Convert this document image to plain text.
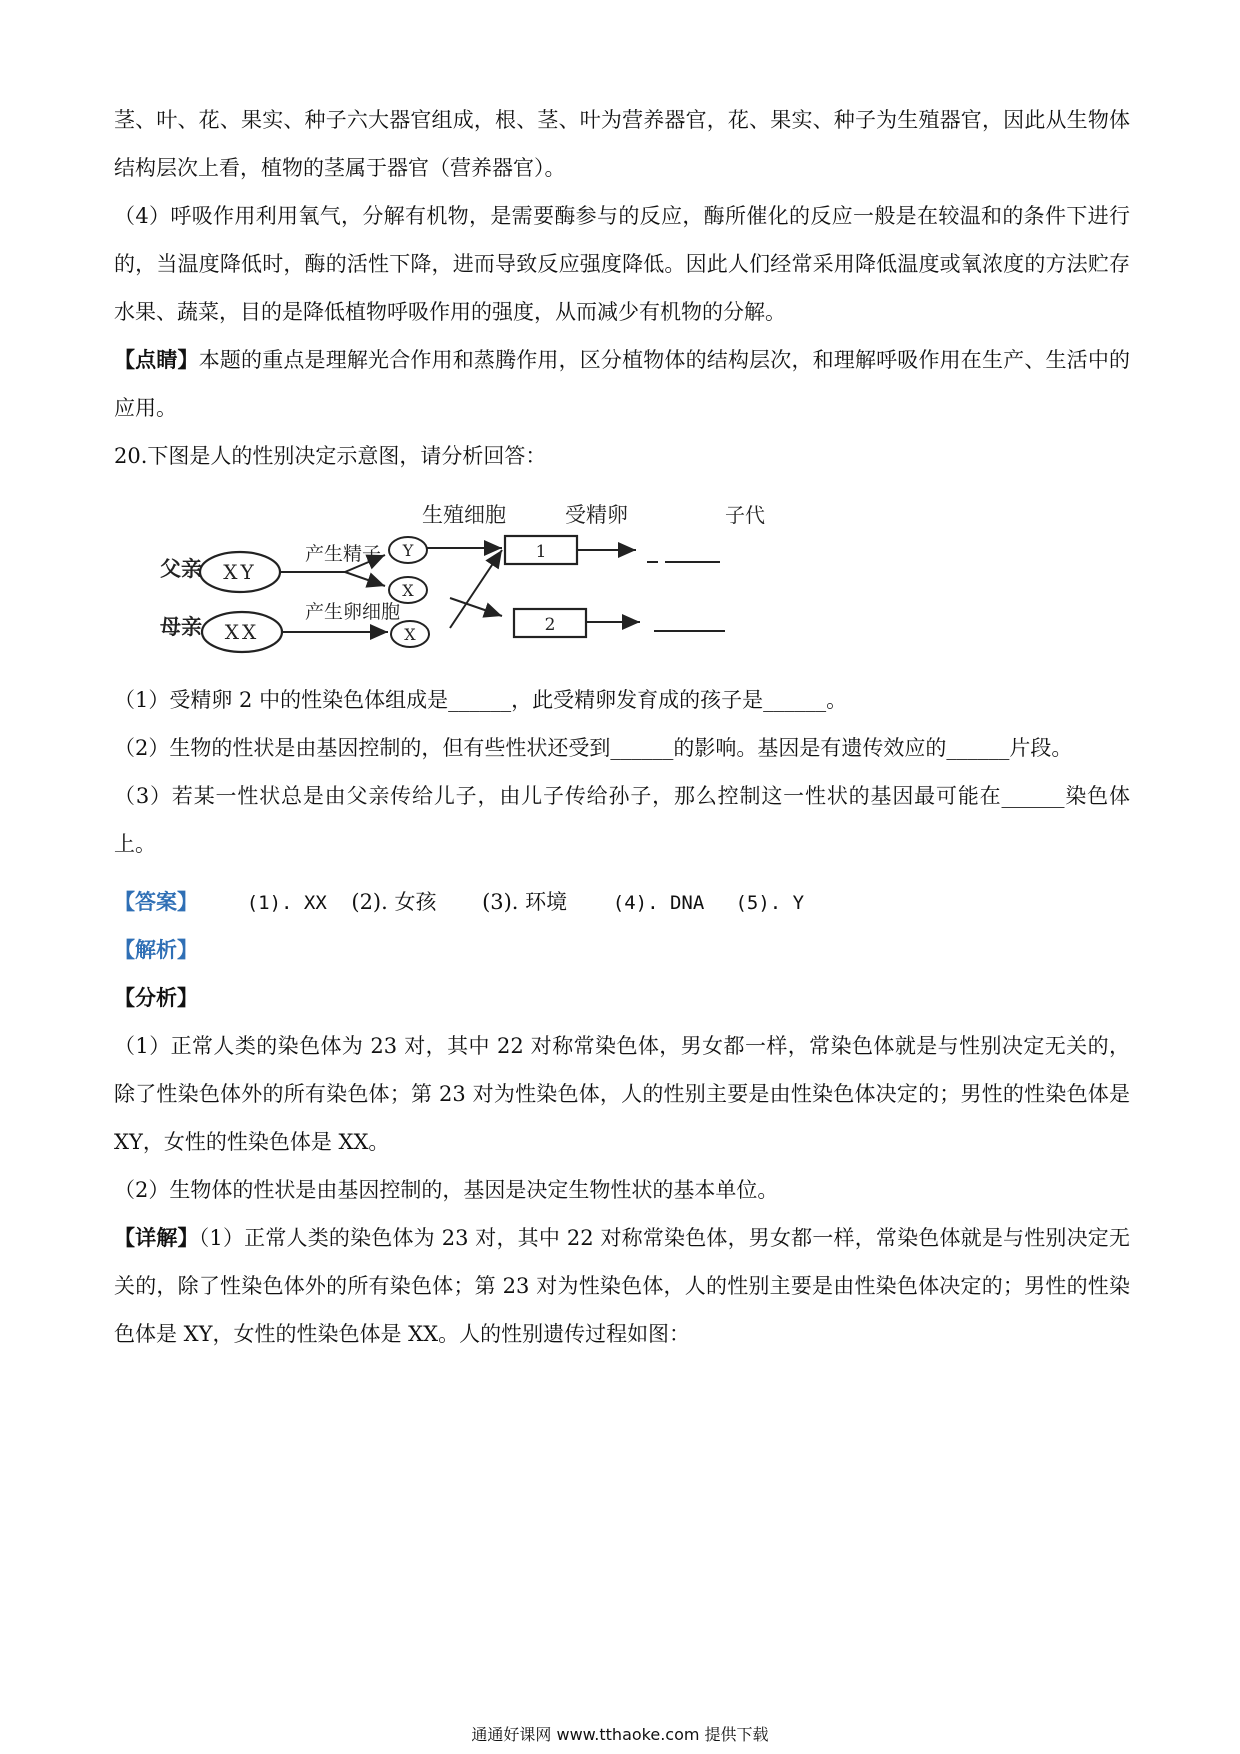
茎、叶、花、果实、种子六大器官组成，根、茎、叶为营养器官，花、果实、种子为生殖器官，因此从生物体结构层次上看，植物的茎属于器官（营养器官）。

（4）呼吸作用利用氧气，分解有机物，是需要酶参与的反应，酶所催化的反应一般是在较温和的条件下进行的，当温度降低时，酶的活性下降，进而导致反应强度降低。因此人们经常采用降低温度或氧浓度的方法贮存水果、蔬菜，目的是降低植物呼吸作用的强度，从而减少有机物的分解。

【点睛】本题的重点是理解光合作用和蒸腾作用，区分植物体的结构层次，和理解呼吸作用在生产、生活中的应用。

20.下图是人的性别决定示意图，请分析回答：

生殖细胞	受精卵	子代
父亲
母亲
XY
XX
产生精子
产生卵细胞
Y
X
X
1
2

（1）受精卵 2 中的性染色体组成是______，此受精卵发育成的孩子是______。

（2）生物的性状是由基因控制的，但有些性状还受到______的影响。基因是有遗传效应的______片段。

（3）若某一性状总是由父亲传给儿子，由儿子传给孙子，那么控制这一性状的基因最可能在______染色体上。

【答案】	(1). XX (2). 女孩 (3). 环境 (4). DNA (5). Y

【解析】

【分析】

（1）正常人类的染色体为 23 对，其中 22 对称常染色体，男女都一样，常染色体就是与性别决定无关的，除了性染色体外的所有染色体；第 23 对为性染色体，人的性别主要是由性染色体决定的；男性的性染色体是 XY，女性的性染色体是 XX。

（2）生物体的性状是由基因控制的，基因是决定生物性状的基本单位。

【详解】（1）正常人类的染色体为 23 对，其中 22 对称常染色体，男女都一样，常染色体就是与性别决定无关的，除了性染色体外的所有染色体；第 23 对为性染色体，人的性别主要是由性染色体决定的；男性的性染色体是 XY，女性的性染色体是 XX。人的性别遗传过程如图：

通通好课网 www.tthaoke.com 提供下载
